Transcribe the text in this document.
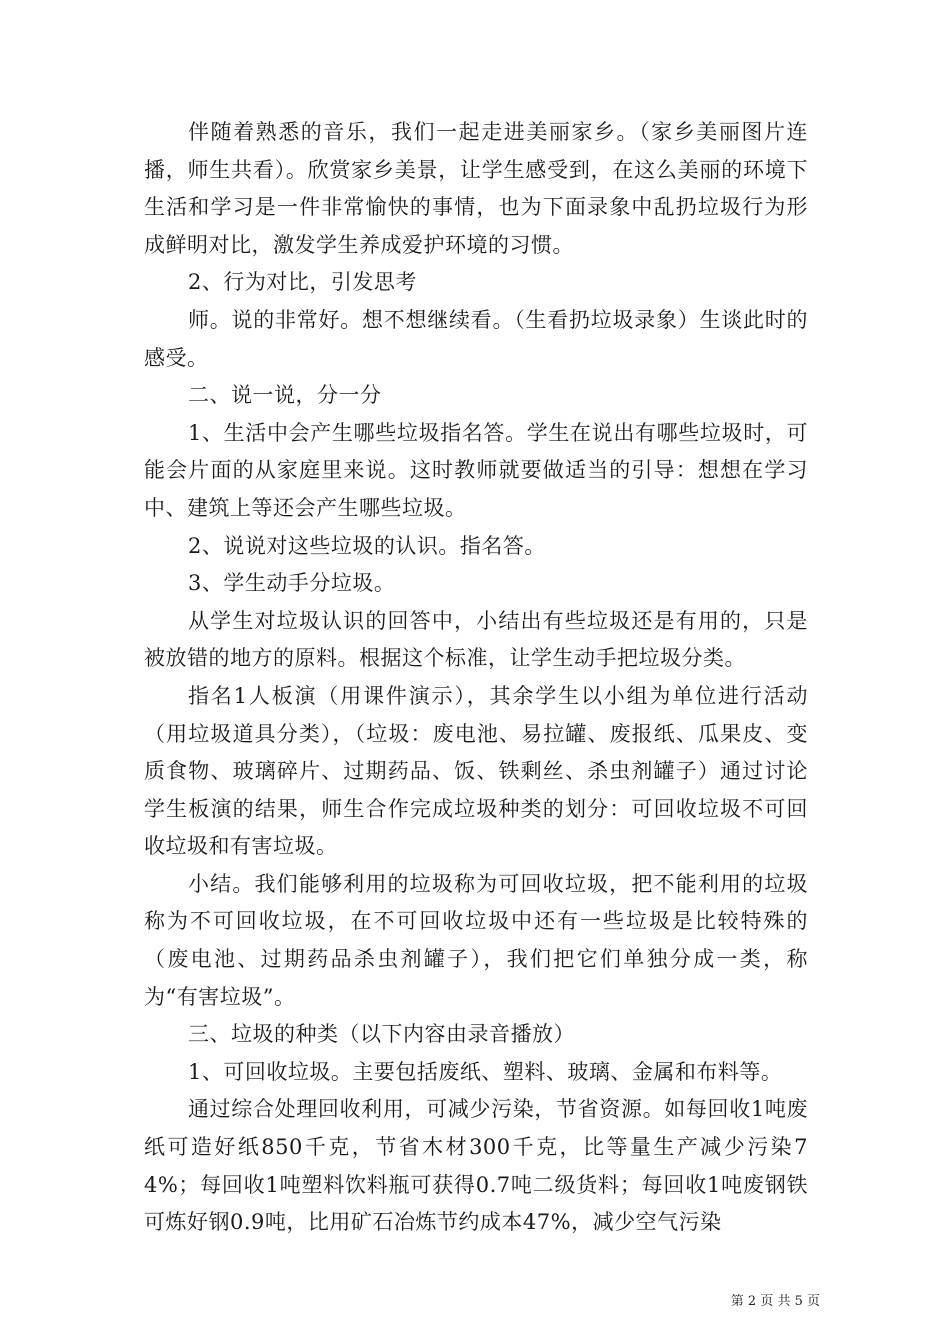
伴随着熟悉的音乐，我们一起走进美丽家乡。（家乡美丽图片连播，师生共看）。欣赏家乡美景，让学生感受到，在这么美丽的环境下生活和学习是一件非常愉快的事情，也为下面录象中乱扔垃圾行为形成鲜明对比，激发学生养成爱护环境的习惯。

2、行为对比，引发思考

师。说的非常好。想不想继续看。（生看扔垃圾录象）生谈此时的感受。

二、说一说，分一分

1、生活中会产生哪些垃圾指名答。学生在说出有哪些垃圾时，可能会片面的从家庭里来说。这时教师就要做适当的引导：想想在学习中、建筑上等还会产生哪些垃圾。

2、说说对这些垃圾的认识。指名答。

3、学生动手分垃圾。

从学生对垃圾认识的回答中，小结出有些垃圾还是有用的，只是被放错的地方的原料。根据这个标准，让学生动手把垃圾分类。

指名1人板演（用课件演示），其余学生以小组为单位进行活动（用垃圾道具分类），（垃圾：废电池、易拉罐、废报纸、瓜果皮、变质食物、玻璃碎片、过期药品、饭、铁剩丝、杀虫剂罐子）通过讨论学生板演的结果，师生合作完成垃圾种类的划分：可回收垃圾不可回收垃圾和有害垃圾。

小结。我们能够利用的垃圾称为可回收垃圾，把不能利用的垃圾称为不可回收垃圾，在不可回收垃圾中还有一些垃圾是比较特殊的（废电池、过期药品杀虫剂罐子），我们把它们单独分成一类，称为“有害垃圾”。

三、垃圾的种类（以下内容由录音播放）

1、可回收垃圾。主要包括废纸、塑料、玻璃、金属和布料等。

通过综合处理回收利用，可减少污染，节省资源。如每回收1吨废纸可造好纸850千克，节省木材300千克，比等量生产减少污染74%；每回收1吨塑料饮料瓶可获得0.7吨二级货料；每回收1吨废钢铁可炼好钢0.9吨，比用矿石冶炼节约成本47%，减少空气污染

第 2 页 共 5 页
